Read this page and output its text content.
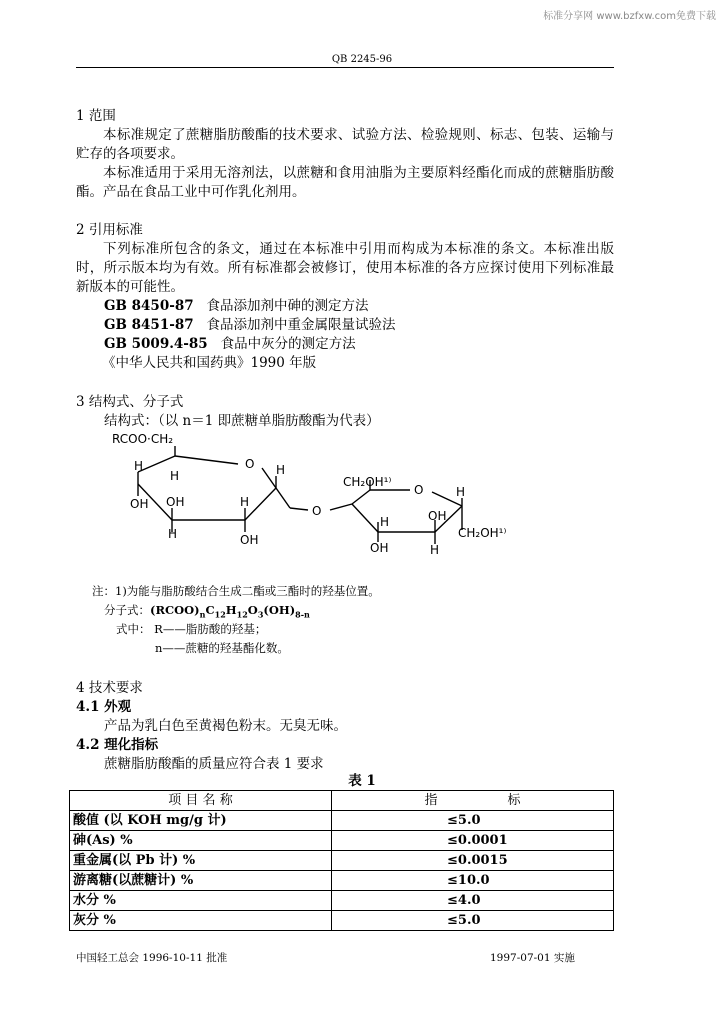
标准分享网 www.bzfxw.com免费下载
QB 2245-96
1 范围
本标准规定了蔗糖脂肪酸酯的技术要求、试验方法、检验规则、标志、包装、运输与贮存的各项要求。
本标准适用于采用无溶剂法，以蔗糖和食用油脂为主要原料经酯化而成的蔗糖脂肪酸酯。产品在食品工业中可作乳化剂用。
2 引用标准
下列标准所包含的条文，通过在本标准中引用而构成为本标准的条文。本标准出版时，所示版本均为有效。所有标准都会被修订，使用本标准的各方应探讨使用下列标准最新版本的可能性。
GB 8450-87 食品添加剂中砷的测定方法
GB 8451-87 食品添加剂中重金属限量试验法
GB 5009.4-85 食品中灰分的测定方法
《中华人民共和国药典》1990 年版
3 结构式、分子式
结构式：（以 n＝1 即蔗糖单脂肪酸酯为代表）
RCOO·CH₂
O
H
H	H
OH OH	H
H	OH
O
CH₂OH¹⁾
O	H
H	OH
OH	H
CH₂OH¹⁾
注：1)为能与脂肪酸结合生成二酯或三酯时的羟基位置。
分子式：$(RCOO)_nC_{12}H_{12}O_3(OH)_{8-n}$
式中： R——脂肪酸的羟基；
n——蔗糖的羟基酯化数。
4 技术要求
4.1 外观
产品为乳白色至黄褐色粉末。无臭无味。
4.2 理化指标
蔗糖脂肪酸酯的质量应符合表 1 要求
表 1
项 目 名 称	指 标
酸值 (以 KOH mg/g 计)	≤5.0
砷(As) %	≤0.0001
重金属(以 Pb 计) %	≤0.0015
游离糖(以蔗糖计) %	≤10.0
水分 %	≤4.0
灰分 %	≤5.0
中国轻工总会 1996-10-11 批准	1997-07-01 实施
